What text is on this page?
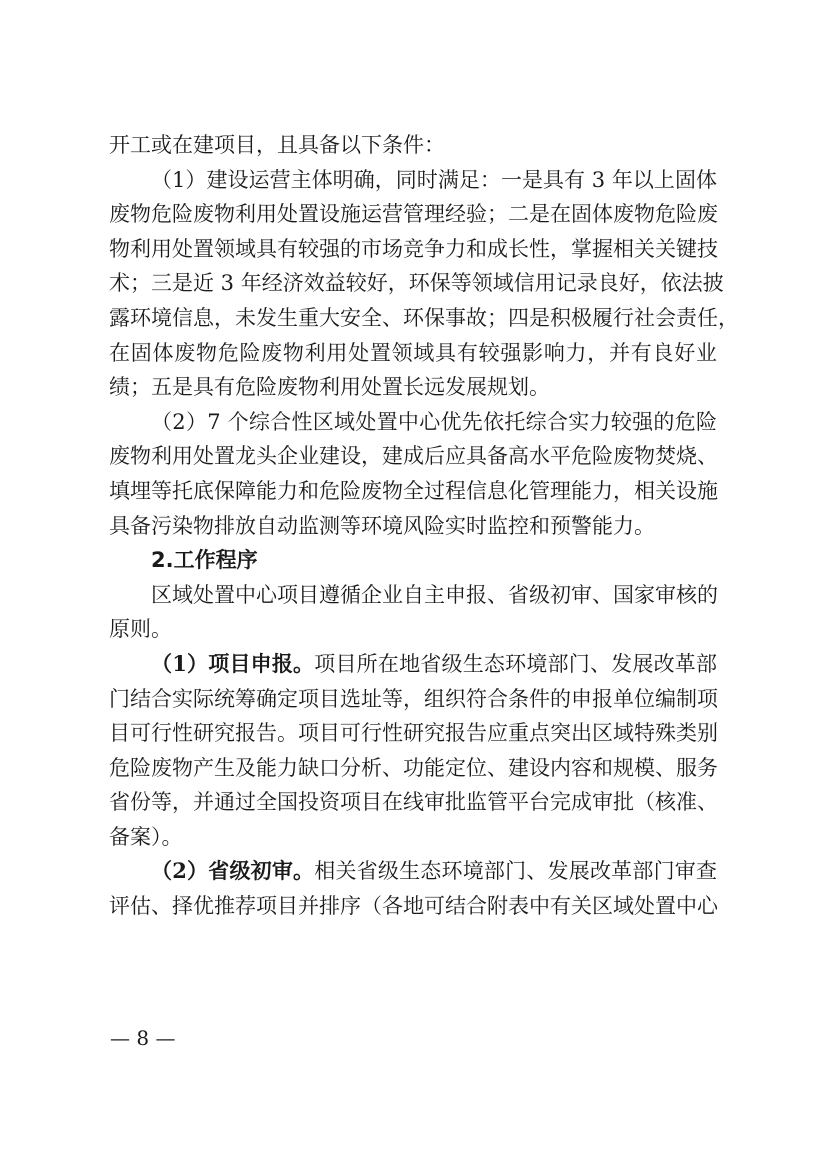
开工或在建项目，且具备以下条件：
（1）建设运营主体明确，同时满足：一是具有 3 年以上固体
废物危险废物利用处置设施运营管理经验；二是在固体废物危险废
物利用处置领域具有较强的市场竞争力和成长性，掌握相关关键技
术；三是近 3 年经济效益较好，环保等领域信用记录良好，依法披
露环境信息，未发生重大安全、环保事故；四是积极履行社会责任，
在固体废物危险废物利用处置领域具有较强影响力，并有良好业
绩；五是具有危险废物利用处置长远发展规划。
（2）7 个综合性区域处置中心优先依托综合实力较强的危险
废物利用处置龙头企业建设，建成后应具备高水平危险废物焚烧、
填埋等托底保障能力和危险废物全过程信息化管理能力，相关设施
具备污染物排放自动监测等环境风险实时监控和预警能力。
2.工作程序
区域处置中心项目遵循企业自主申报、省级初审、国家审核的
原则。
（1）项目申报。项目所在地省级生态环境部门、发展改革部
门结合实际统筹确定项目选址等，组织符合条件的申报单位编制项
目可行性研究报告。项目可行性研究报告应重点突出区域特殊类别
危险废物产生及能力缺口分析、功能定位、建设内容和规模、服务
省份等，并通过全国投资项目在线审批监管平台完成审批（核准、
备案）。
（2）省级初审。相关省级生态环境部门、发展改革部门审查
评估、择优推荐项目并排序（各地可结合附表中有关区域处置中心
— 8 —
